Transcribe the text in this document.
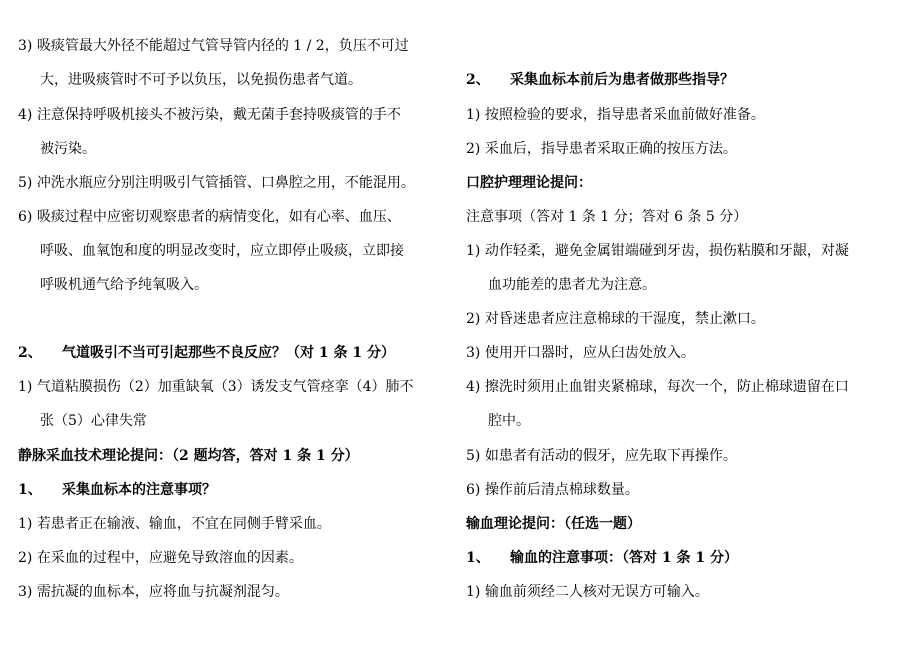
3) 吸痰管最大外径不能超过气管导管内径的 1 / 2，负压不可过
大，进吸痰管时不可予以负压，以免损伤患者气道。
4) 注意保持呼吸机接头不被污染，戴无菌手套持吸痰管的手不
被污染。
5) 冲洗水瓶应分别注明吸引气管插管、口鼻腔之用，不能混用。
6) 吸痰过程中应密切观察患者的病情变化，如有心率、血压、
呼吸、血氧饱和度的明显改变时，应立即停止吸痰，立即接
呼吸机通气给予纯氧吸入。
2、 气道吸引不当可引起那些不良反应？（对 1 条 1 分）
1) 气道粘膜损伤（2）加重缺氧（3）诱发支气管痉挛（4）肺不
张（5）心律失常
静脉采血技术理论提问：（2 题均答，答对 1 条 1 分）
1、 采集血标本的注意事项？
1) 若患者正在输液、输血，不宜在同侧手臂采血。
2) 在采血的过程中，应避免导致溶血的因素。
3) 需抗凝的血标本，应将血与抗凝剂混匀。
2、 采集血标本前后为患者做那些指导？
1) 按照检验的要求，指导患者采血前做好准备。
2) 采血后，指导患者采取正确的按压方法。
口腔护理理论提问：
注意事项（答对 1 条 1 分；答对 6 条 5 分）
1) 动作轻柔，避免金属钳端碰到牙齿，损伤粘膜和牙龈，对凝
血功能差的患者尤为注意。
2) 对昏迷患者应注意棉球的干湿度，禁止漱口。
3) 使用开口器时，应从臼齿处放入。
4) 擦洗时须用止血钳夹紧棉球，每次一个，防止棉球遗留在口
腔中。
5) 如患者有活动的假牙，应先取下再操作。
6) 操作前后清点棉球数量。
输血理论提问：（任选一题）
1、 输血的注意事项：（答对 1 条 1 分）
1) 输血前须经二人核对无误方可输入。
